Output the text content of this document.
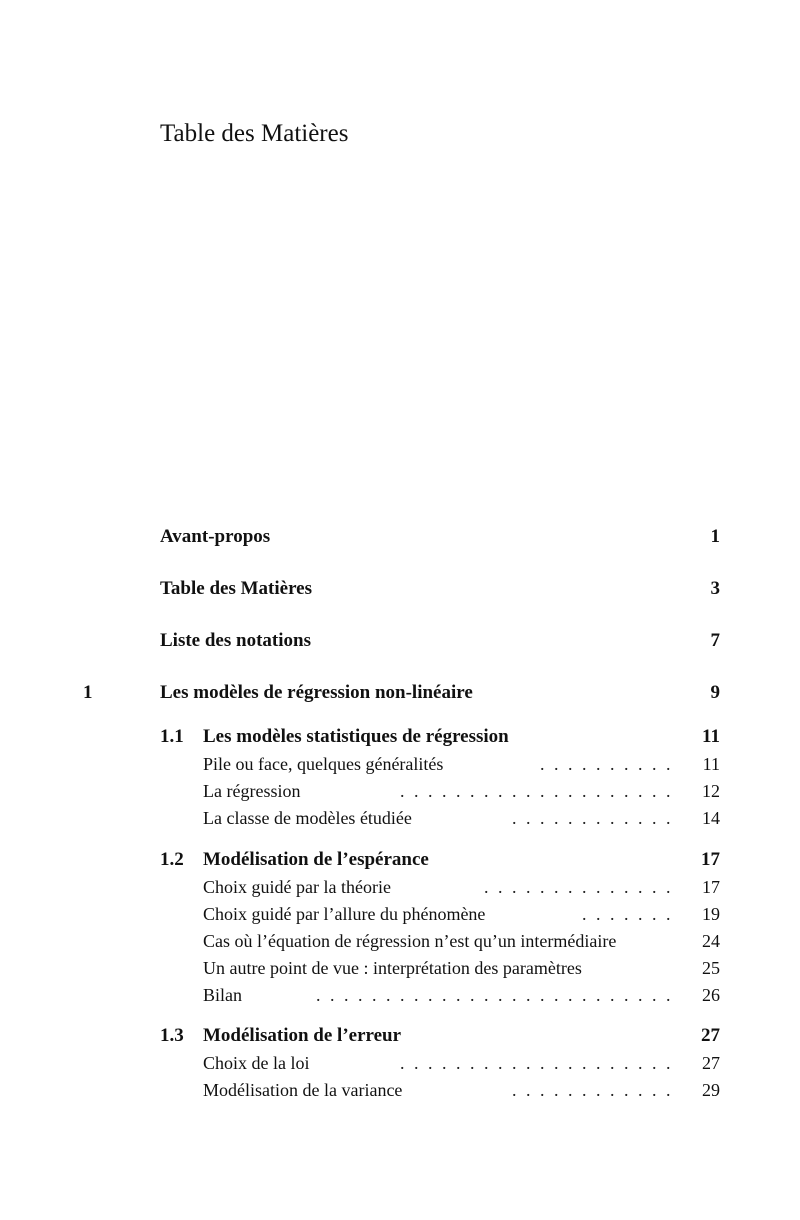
Table des Matières
Avant-propos	1
Table des Matières	3
Liste des notations	7
1	Les modèles de régression non-linéaire	9
1.1 Les modèles statistiques de régression	11
Pile ou face, quelques généralités	.......... 11
La régression	.................... 12
La classe de modèles étudiée	............ 14
1.2 Modélisation de l’espérance	17
Choix guidé par la théorie	.............. 17
Choix guidé par l’allure du phénomène	....... 19
Cas où l’équation de régression n’est qu’un intermédiaire	24
Un autre point de vue : interprétation des paramètres	25
Bilan	.......................... 26
1.3 Modélisation de l’erreur	27
Choix de la loi	.................... 27
Modélisation de la variance	............ 29
